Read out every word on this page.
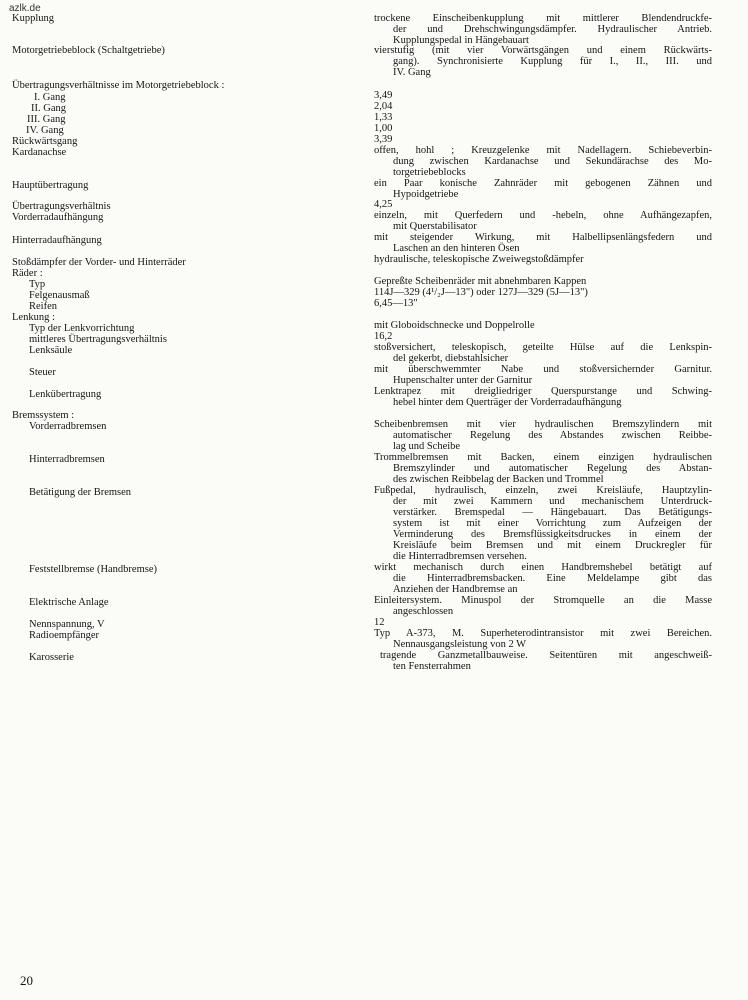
azlk.de
Kupplung
Motorgetriebeblock (Schaltgetriebe)
Übertragungsverhältnisse im Motorgetriebeblock :
I. Gang
II. Gang
III. Gang
IV. Gang
Rückwärtsgang
Kardanachse
Hauptübertragung
Übertragungsverhältnis
Vorderradaufhängung
Hinterradaufhängung
Stoßdämpfer der Vorder- und Hinterräder
Räder :
Typ
Felgenausmaß
Reifen
Lenkung :
Typ der Lenkvorrichtung
mittleres Übertragungsverhältnis
Lenksäule
Steuer
Lenkübertragung
Bremssystem :
Vorderradbremsen
Hinterradbremsen
Betätigung der Bremsen
Feststellbremse (Handbremse)
Elektrische Anlage
Nennspannung, V
Radioempfänger
Karosserie
trockene Einscheibenkupplung mit mittlerer Blendendruckfe-
der und Drehschwingungsdämpfer. Hydraulischer Antrieb.
Kupplungspedal in Hängebauart
vierstufig (mit vier Vorwärtsgängen und einem Rückwärts-
gang). Synchronisierte Kupplung für I., II., III. und
IV. Gang
3,49
2,04
1,33
1,00
3,39
offen, hohl ; Kreuzgelenke mit Nadellagern. Schiebeverbin-
dung zwischen Kardanachse und Sekundärachse des Mo-
torgetriebeblocks
ein Paar konische Zahnräder mit gebogenen Zähnen und
Hypoidgetriebe
4,25
einzeln, mit Querfedern und -hebeln, ohne Aufhängezapfen,
mit Querstabilisator
mit steigender Wirkung, mit Halbellipsenlängsfedern und
Laschen an den hinteren Ösen
hydraulische, teleskopische Zweiwegstoßdämpfer
Gepreßte Scheibenräder mit abnehmbaren Kappen
114J—329 (4¹/₂J—13") oder 127J—329 (5J—13")
6,45—13"
mit Globoidschnecke und Doppelrolle
16,2
stoßversichert, teleskopisch, geteilte Hülse auf die Lenkspin-
del gekerbt, diebstahlsicher
mit überschwemmter Nabe und stoßversichernder Garnitur.
Hupenschalter unter der Garnitur
Lenktrapez mit dreigliedriger Querspurstange und Schwing-
hebel hinter dem Querträger der Vorderradaufhängung
Scheibenbremsen mit vier hydraulischen Bremszylindern mit
automatischer Regelung des Abstandes zwischen Reibbe-
lag und Scheibe
Trommelbremsen mit Backen, einem einzigen hydraulischen
Bremszylinder und automatischer Regelung des Abstan-
des zwischen Reibbelag der Backen und Trommel
Fußpedal, hydraulisch, einzeln, zwei Kreisläufe, Hauptzylin-
der mit zwei Kammern und mechanischem Unterdruck-
verstärker. Bremspedal — Hängebauart. Das Betätigungs-
system ist mit einer Vorrichtung zum Aufzeigen der
Verminderung des Bremsflüssigkeitsdruckes in einem der
Kreisläufe beim Bremsen und mit einem Druckregler für
die Hinterradbremsen versehen.
wirkt mechanisch durch einen Handbremshebel betätigt auf
die Hinterradbremsbacken. Eine Meldelampe gibt das
Anziehen der Handbremse an
Einleitersystem. Minuspol der Stromquelle an die Masse
angeschlossen
12
Typ A-373, M. Superheterodintransistor mit zwei Bereichen.
Nennausgangsleistung von 2 W
tragende Ganzmetallbauweise. Seitentüren mit angeschweiß-
ten Fensterrahmen
20
